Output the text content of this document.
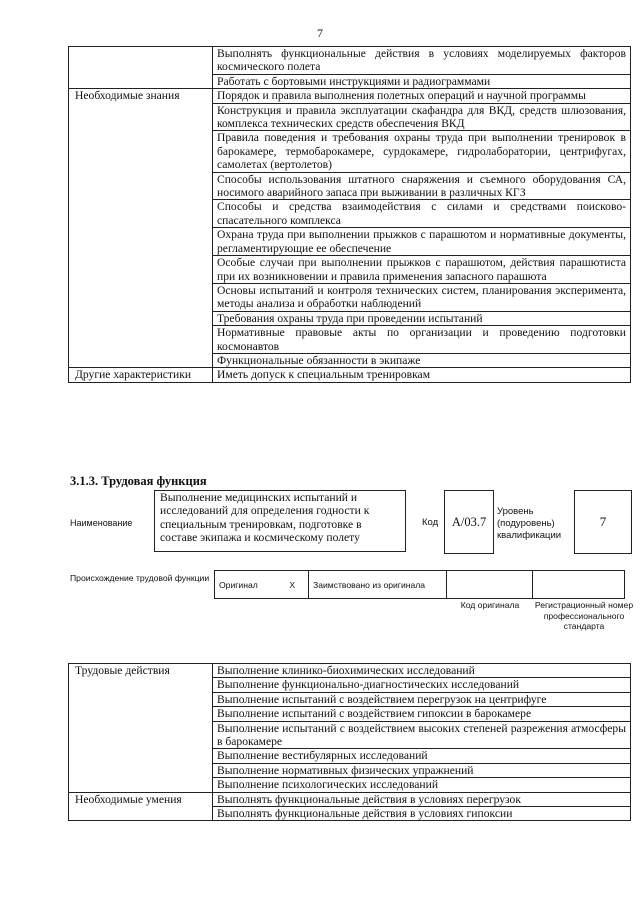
7
	Выполнять функциональные действия в условиях моделируемых факторов космического полета
	Работать с бортовыми инструкциями и радиограммами
Необходимые знания	Порядок и правила выполнения полетных операций и научной программы
	Конструкция и правила эксплуатации скафандра для ВКД, средств шлюзования, комплекса технических средств обеспечения ВКД
	Правила поведения и требования охраны труда при выполнении тренировок в барокамере, термобарокамере, сурдокамере, гидролаборатории, центрифугах, самолетах (вертолетов)
	Способы использования штатного снаряжения и съемного оборудования СА, носимого аварийного запаса при выживании в различных КГЗ
	Способы и средства взаимодействия с силами и средствами поисково-спасательного комплекса
	Охрана труда при выполнении прыжков с парашютом и нормативные документы, регламентирующие ее обеспечение
	Особые случаи при выполнении прыжков с парашютом, действия парашютиста при их возникновении и правила применения запасного парашюта
	Основы испытаний и контроля технических систем, планирования эксперимента, методы анализа и обработки наблюдений
	Требования охраны труда при проведении испытаний
	Нормативные правовые акты по организации и проведению подготовки космонавтов
	Функциональные обязанности в экипаже
Другие характеристики	Иметь допуск к специальным тренировкам
3.1.3. Трудовая функция
Наименование
Выполнение медицинских испытаний и исследований для определения годности к специальным тренировкам, подготовке в составе экипажа и космическому полету
Код	А/03.7
Уровень (подуровень) квалификации
7
Происхождение трудовой функции
Оригинал	X	Заимствовано из оригинала		
Код оригинала	Регистрационный номер профессионального стандарта
Трудовые действия	Выполнение клинико-биохимических исследований
	Выполнение функционально-диагностических исследований
	Выполнение испытаний с воздействием перегрузок на центрифуге
	Выполнение испытаний с воздействием гипоксии в барокамере
	Выполнение испытаний с воздействием высоких степеней разрежения атмосферы в барокамере
	Выполнение вестибулярных исследований
	Выполнение нормативных физических упражнений
	Выполнение психологических исследований
Необходимые умения	Выполнять функциональные действия в условиях перегрузок
	Выполнять функциональные действия в условиях гипоксии
